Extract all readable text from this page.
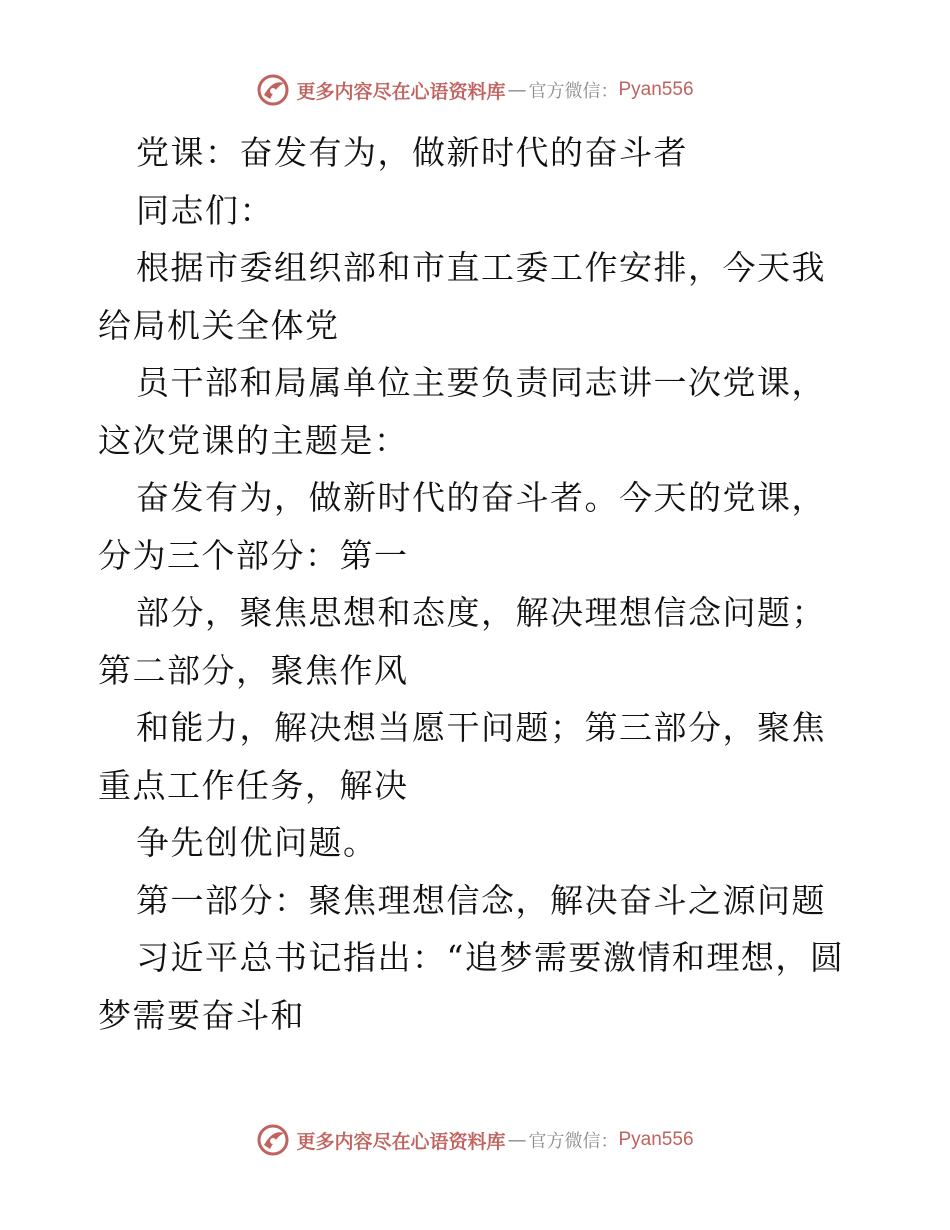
更多内容尽在心语资料库 — 官方微信： Pyan556

党课：奋发有为，做新时代的奋斗者

同志们：

根据市委组织部和市直工委工作安排，今天我给局机关全体党

员干部和局属单位主要负责同志讲一次党课，这次党课的主题是：

奋发有为，做新时代的奋斗者。今天的党课，分为三个部分：第一

部分，聚焦思想和态度，解决理想信念问题；第二部分，聚焦作风

和能力，解决想当愿干问题；第三部分，聚焦重点工作任务，解决

争先创优问题。

第一部分：聚焦理想信念，解决奋斗之源问题

习近平总书记指出：“追梦需要激情和理想，圆梦需要奋斗和

更多内容尽在心语资料库 — 官方微信： Pyan556
